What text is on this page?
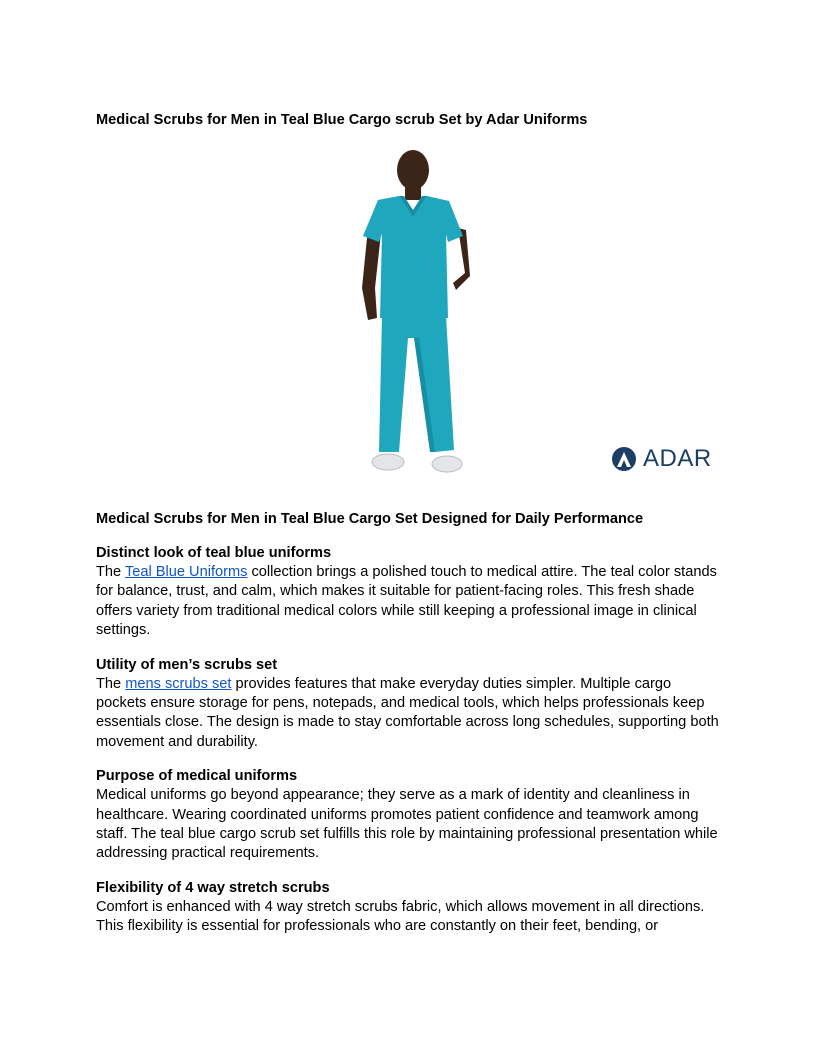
Medical Scrubs for Men in Teal Blue Cargo scrub Set by Adar Uniforms
ADAR

Medical Scrubs for Men in Teal Blue Cargo Set Designed for Daily Performance

Distinct look of teal blue uniforms

The Teal Blue Uniforms collection brings a polished touch to medical attire. The teal color stands for balance, trust, and calm, which makes it suitable for patient-facing roles. This fresh shade offers variety from traditional medical colors while still keeping a professional image in clinical settings.

Utility of men’s scrubs set

The mens scrubs set provides features that make everyday duties simpler. Multiple cargo pockets ensure storage for pens, notepads, and medical tools, which helps professionals keep essentials close. The design is made to stay comfortable across long schedules, supporting both movement and durability.

Purpose of medical uniforms

Medical uniforms go beyond appearance; they serve as a mark of identity and cleanliness in healthcare. Wearing coordinated uniforms promotes patient confidence and teamwork among staff. The teal blue cargo scrub set fulfills this role by maintaining professional presentation while addressing practical requirements.

Flexibility of 4 way stretch scrubs

Comfort is enhanced with 4 way stretch scrubs fabric, which allows movement in all directions. This flexibility is essential for professionals who are constantly on their feet, bending, or
